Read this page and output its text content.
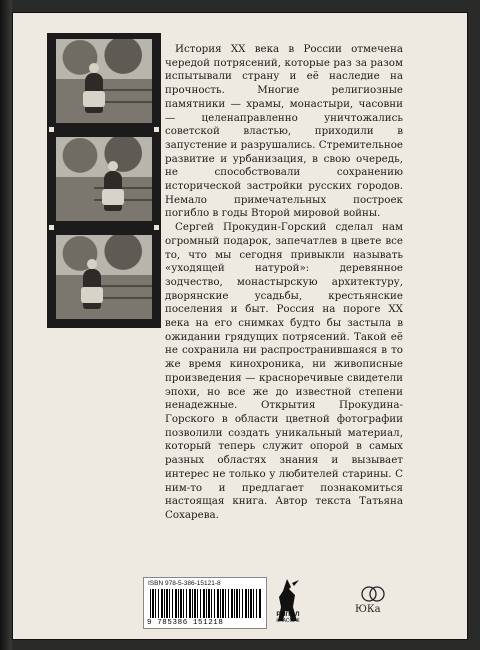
История XX века в России отмечена чередой потрясений, которые раз за разом испытывали страну и её наследие на прочность. Многие религиозные памятники — храмы, монастыри, часовни — целенаправленно уничтожались советской властью, приходили в запустение и разрушались. Стремительное развитие и урбанизация, в свою очередь, не способствовали сохранению исторической застройки русских городов. Немало примечательных построек погибло в годы Второй мировой войны.

Сергей Прокудин-Горский сделал нам огромный подарок, запечатлев в цвете все то, что мы сегодня привыкли называть «уходящей натурой»: деревянное зодчество, монастырскую архитектуру, дворянские усадьбы, крестьянские поселения и быт. Россия на пороге XX века на его снимках будто бы застыла в ожидании грядущих потрясений. Такой её не сохранила ни распространившаяся в то же время кинохроника, ни живописные произведения — красноречивые свидетели эпохи, но все же до известной степени ненадежные. Открытия Прокудина-Горского в области цветной фотографии позволили создать уникальный материал, который теперь служит опорой в самых разных областях знания и вызывает интерес не только у любителей старины. С ним-то и предлагает познакомиться настоящая книга. Автор текста Татьяна Сохарева.

ISBN 978-5-386-15121-8
9 785386 151218
РИПОЛ
КЛАССИК
ЮКа
